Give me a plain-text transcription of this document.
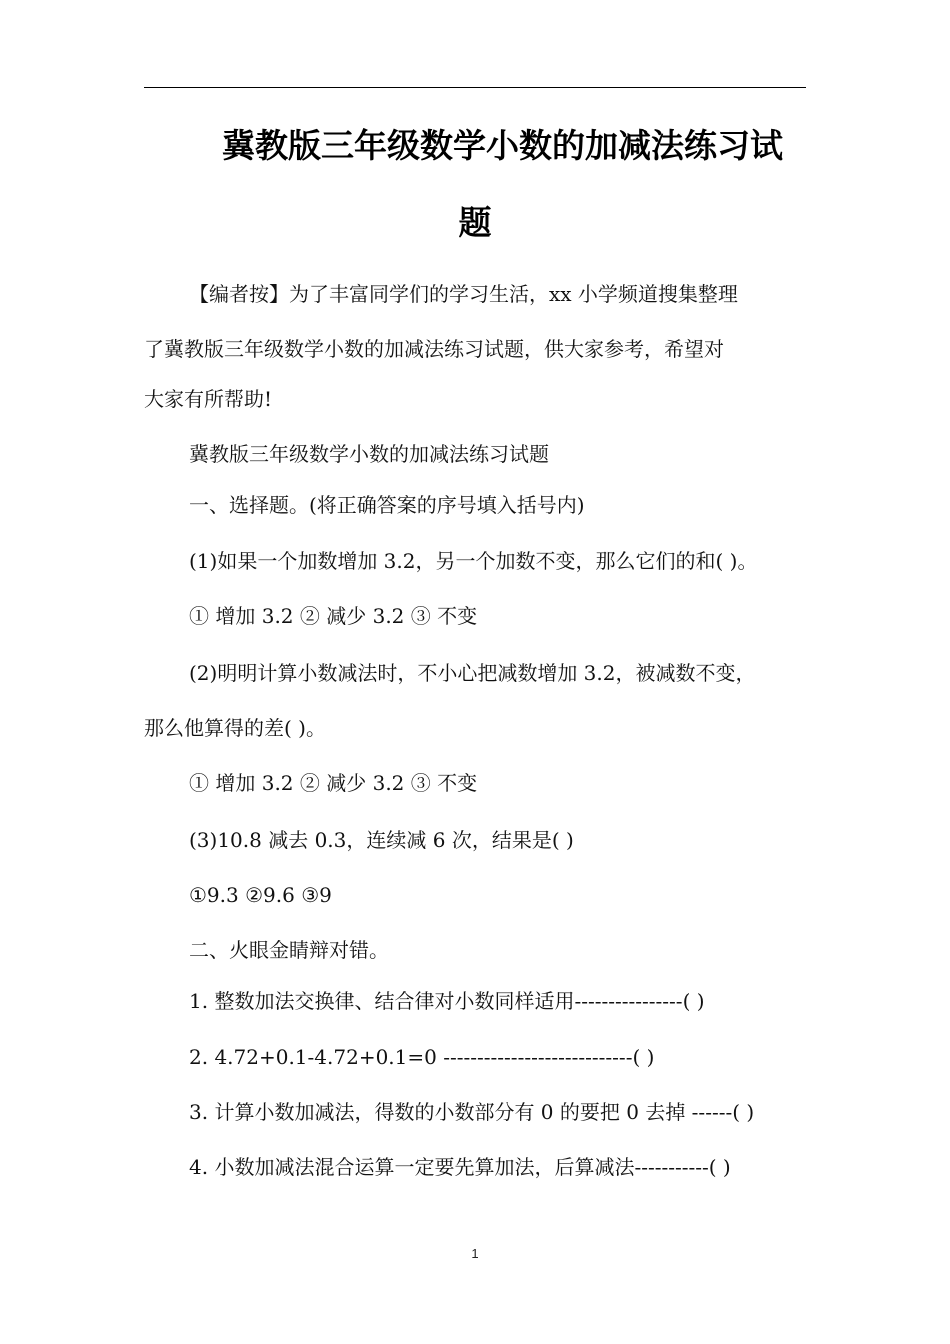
冀教版三年级数学小数的加减法练习试
题
【编者按】为了丰富同学们的学习生活，xx 小学频道搜集整理
了冀教版三年级数学小数的加减法练习试题，供大家参考，希望对
大家有所帮助!
冀教版三年级数学小数的加减法练习试题
一、选择题。(将正确答案的序号填入括号内)
(1)如果一个加数增加 3.2，另一个加数不变，那么它们的和( )。
① 增加 3.2 ② 减少 3.2 ③ 不变
(2)明明计算小数减法时，不小心把减数增加 3.2，被减数不变，
那么他算得的差( )。
① 增加 3.2 ② 减少 3.2 ③ 不变
(3)10.8 减去 0.3，连续减 6 次，结果是( )
①9.3 ②9.6 ③9
二、火眼金睛辩对错。
1. 整数加法交换律、结合律对小数同样适用----------------( )
2. 4.72+0.1-4.72+0.1=0 ----------------------------( )
3. 计算小数加减法，得数的小数部分有 0 的要把 0 去掉 ------( )
4. 小数加减法混合运算一定要先算加法，后算减法-----------( )
1
